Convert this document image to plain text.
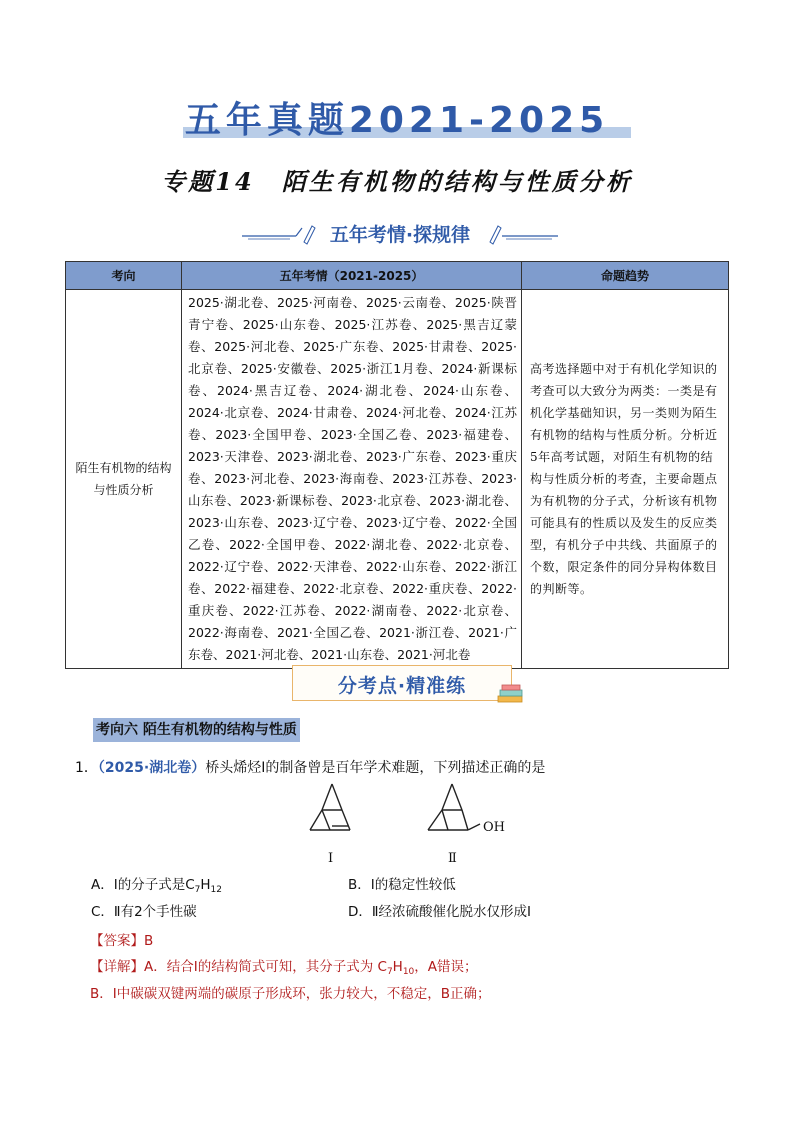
五年真题2021-2025
专题14　陌生有机物的结构与性质分析
五年考情·探规律
考向	五年考情（2021-2025）	命题趋势
陌生有机物的结构与性质分析	2025·湖北卷、2025·河南卷、2025·云南卷、2025·陕晋青宁卷、2025·山东卷、2025·江苏卷、2025·黑吉辽蒙卷、2025·河北卷、2025·广东卷、2025·甘肃卷、2025·北京卷、2025·安徽卷、2025·浙江1月卷、2024·新课标卷、2024·黑吉辽卷、2024·湖北卷、2024·山东卷、2024·北京卷、2024·甘肃卷、2024·河北卷、2024·江苏卷、2023·全国甲卷、2023·全国乙卷、2023·福建卷、2023·天津卷、2023·湖北卷、2023·广东卷、2023·重庆卷、2023·河北卷、2023·海南卷、2023·江苏卷、2023·山东卷、2023·新课标卷、2023·北京卷、2023·湖北卷、2023·山东卷、2023·辽宁卷、2023·辽宁卷、2022·全国乙卷、2022·全国甲卷、2022·湖北卷、2022·北京卷、2022·辽宁卷、2022·天津卷、2022·山东卷、2022·浙江卷、2022·福建卷、2022·北京卷、2022·重庆卷、2022·重庆卷、2022·江苏卷、2022·湖南卷、2022·北京卷、2022·海南卷、2021·全国乙卷、2021·浙江卷、2021·广东卷、2021·河北卷、2021·山东卷、2021·河北卷	高考选择题中对于有机化学知识的考查可以大致分为两类：一类是有机化学基础知识，另一类则为陌生有机物的结构与性质分析。分析近5年高考试题，对陌生有机物的结构与性质分析的考查，主要命题点为有机物的分子式，分析该有机物可能具有的性质以及发生的反应类型，有机分子中共线、共面原子的个数，限定条件的同分异构体数目的判断等。
分考点·精准练
考向六 陌生有机物的结构与性质
1．（2025·湖北卷）桥头烯烃Ⅰ的制备曾是百年学术难题，下列描述正确的是
Ⅰ
OH
Ⅱ
A．Ⅰ的分子式是$C_7H_{12}$	B．Ⅰ的稳定性较低
C．Ⅱ有2个手性碳	D．Ⅱ经浓硫酸催化脱水仅形成Ⅰ
【答案】B
【详解】A．结合Ⅰ的结构简式可知，其分子式为 $C_7H_{10}$，A错误；
B．Ⅰ中碳碳双键两端的碳原子形成环，张力较大，不稳定，B正确；
